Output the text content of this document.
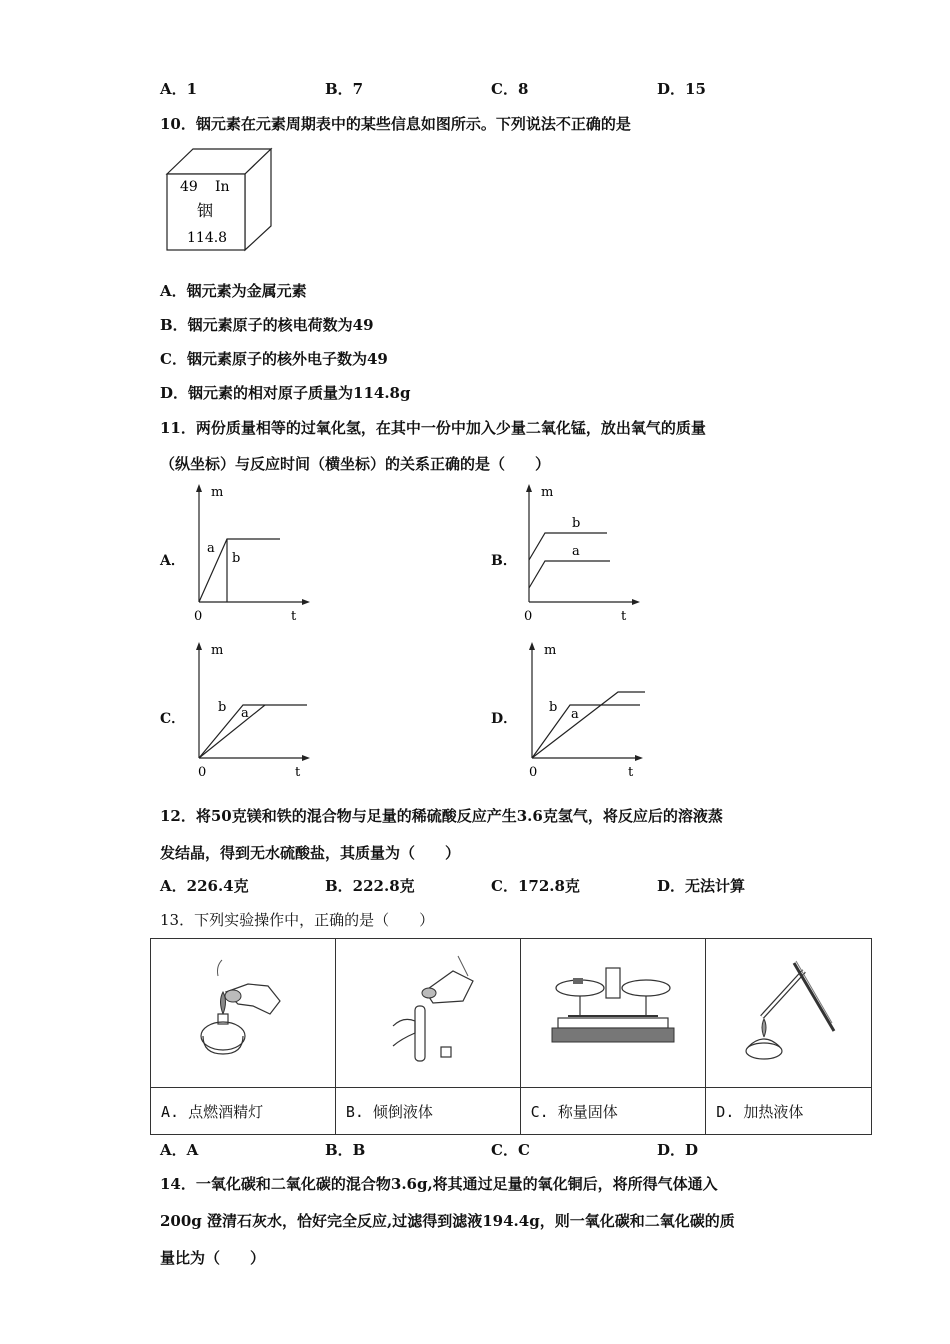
A．1	B．7	C．8	D．15
10．铟元素在元素周期表中的某些信息如图所示。下列说法不正确的是
49 In
铟
114.8
A．铟元素为金属元素
B．铟元素原子的核电荷数为49
C．铟元素原子的核外电子数为49
D．铟元素的相对原子质量为114.8g
11．两份质量相等的过氧化氢，在其中一份中加入少量二氧化锰，放出氧气的质量
（纵坐标）与反应时间（横坐标）的关系正确的是（　　）
A．	B．
C．	D．
m
t
0
a
b
m
t
0
b
a
m
t
0
b a
m
t
0
b a
12．将50克镁和铁的混合物与足量的稀硫酸反应产生3.6克氢气，将反应后的溶液蒸
发结晶，得到无水硫酸盐，其质量为（　　）
A．226.4克	B．222.8克	C．172.8克	D．无法计算
13．下列实验操作中，正确的是（　　）

A. 点燃酒精灯	B. 倾倒液体	C. 称量固体	D. 加热液体
A．A	B．B	C．C	D．D
14．一氧化碳和二氧化碳的混合物3.6g,将其通过足量的氧化铜后，将所得气体通入
200g 澄清石灰水，恰好完全反应,过滤得到滤液194.4g，则一氧化碳和二氧化碳的质
量比为（　　）
